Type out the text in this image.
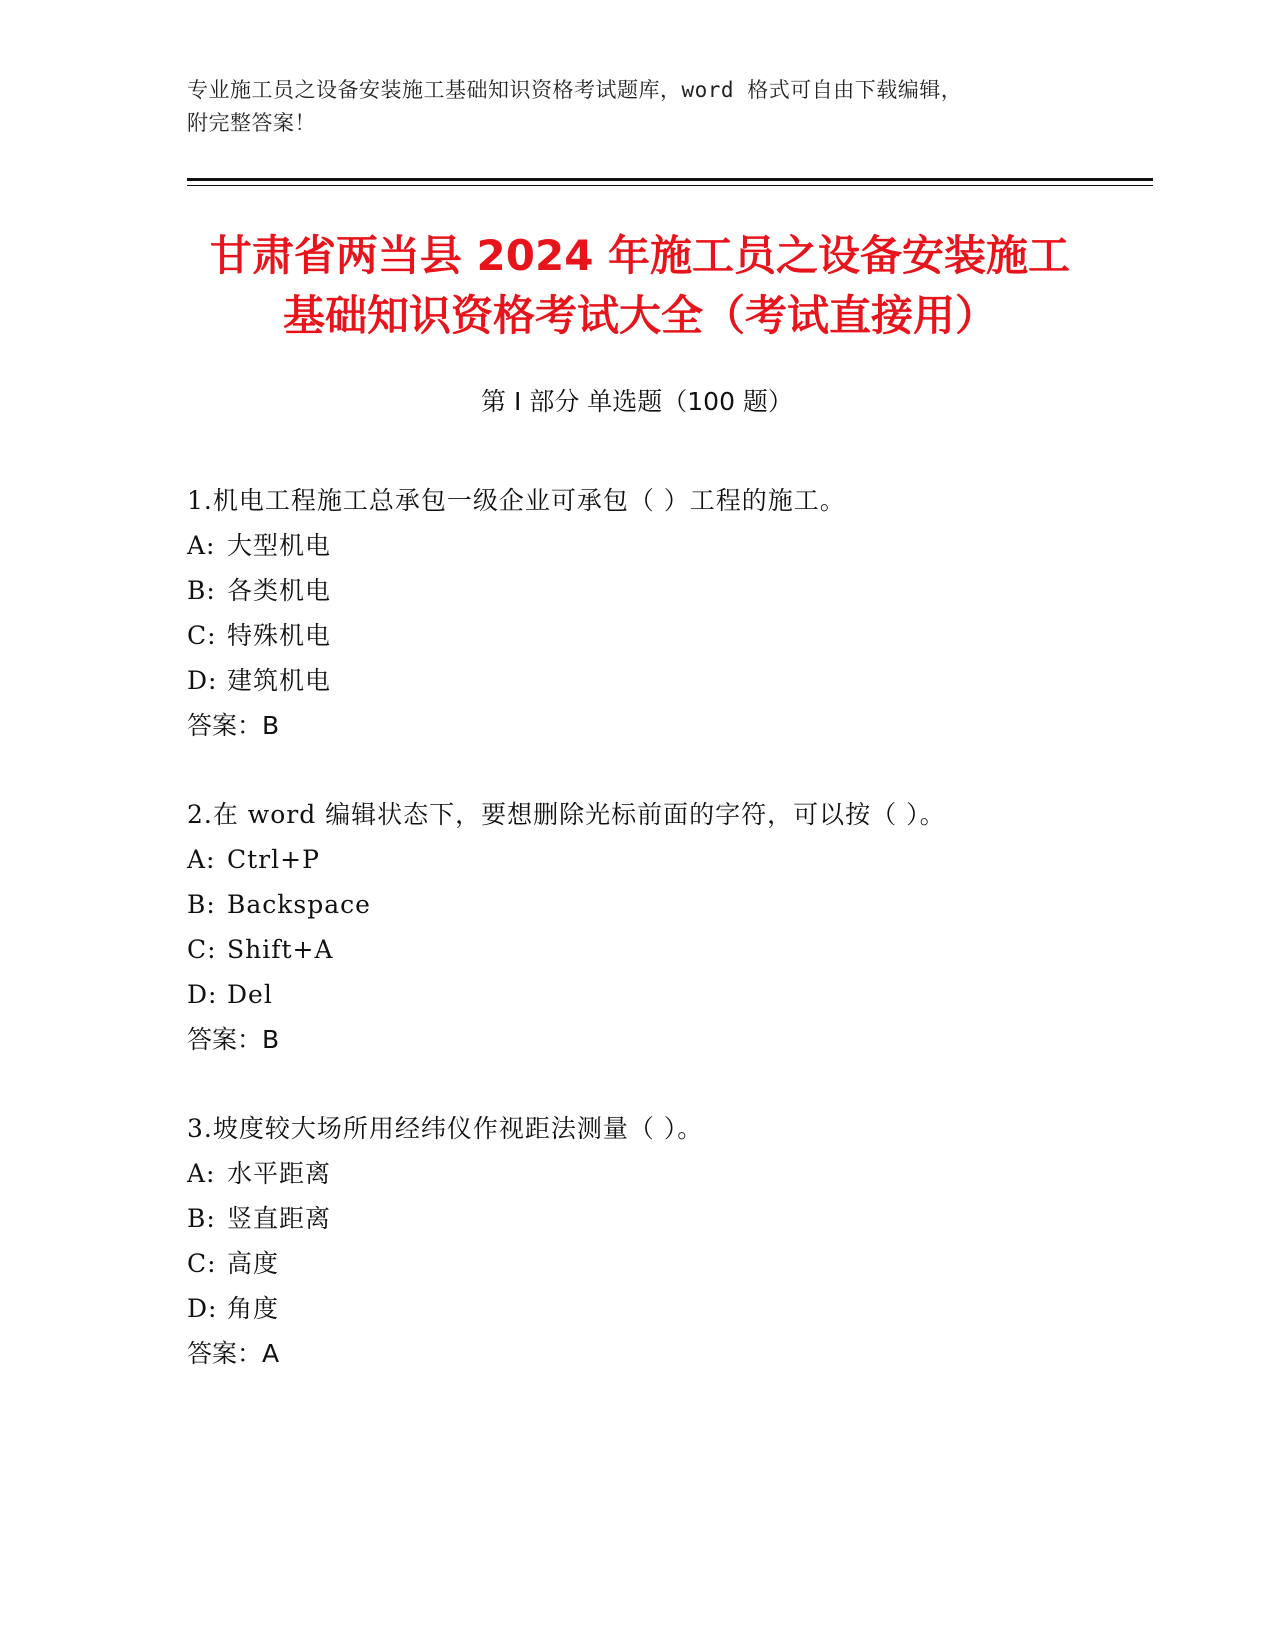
专业施工员之设备安装施工基础知识资格考试题库，word 格式可自由下载编辑，
附完整答案！
甘肃省两当县 2024 年施工员之设备安装施工
基础知识资格考试大全（考试直接用）
第 I 部分 单选题（100 题）
1.机电工程施工总承包一级企业可承包（ ）工程的施工。
A: 大型机电
B: 各类机电
C: 特殊机电
D: 建筑机电
答案：B
2.在 word 编辑状态下，要想删除光标前面的字符，可以按（ ）。
A: Ctrl+P
B: Backspace
C: Shift+A
D: Del
答案：B
3.坡度较大场所用经纬仪作视距法测量（ ）。
A: 水平距离
B: 竖直距离
C: 高度
D: 角度
答案：A
